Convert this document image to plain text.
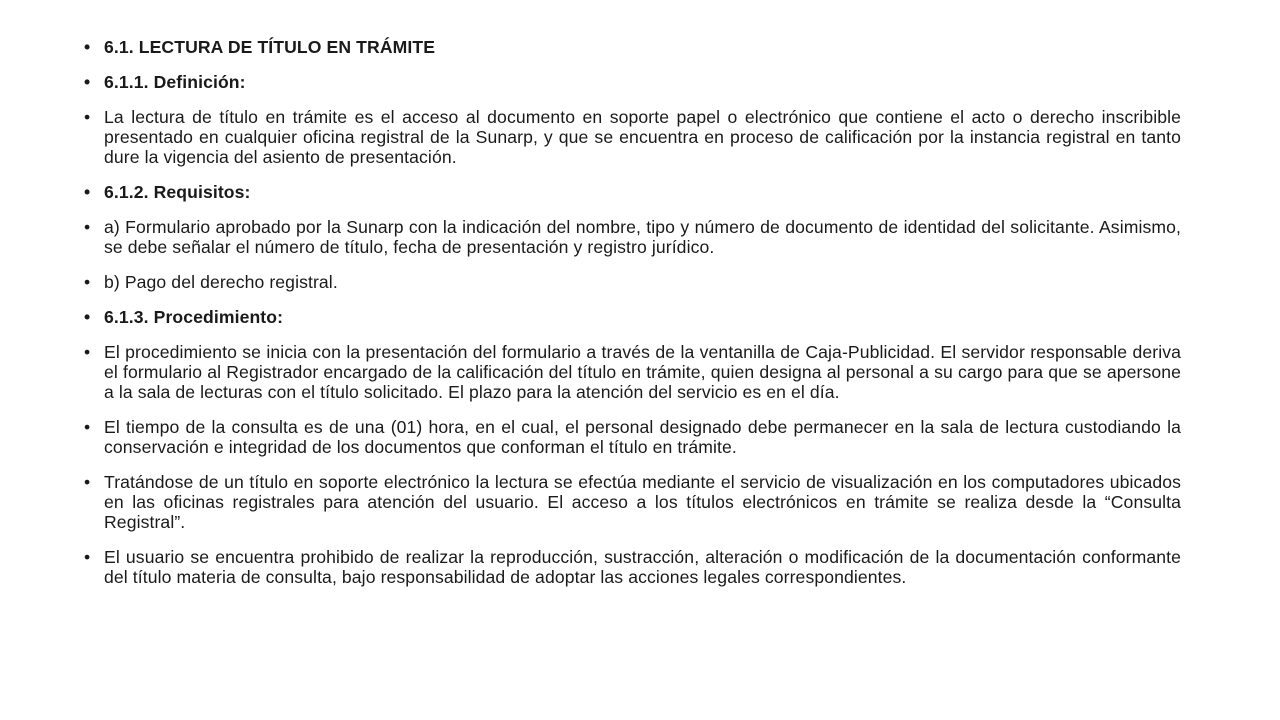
• 6.1. LECTURA DE TÍTULO EN TRÁMITE
• 6.1.1. Definición:
• La lectura de título en trámite es el acceso al documento en soporte papel o electrónico que contiene el acto o derecho inscribible presentado en cualquier oficina registral de la Sunarp, y que se encuentra en proceso de calificación por la instancia registral en tanto dure la vigencia del asiento de presentación.
• 6.1.2. Requisitos:
• a) Formulario aprobado por la Sunarp con la indicación del nombre, tipo y número de documento de identidad del solicitante. Asimismo, se debe señalar el número de título, fecha de presentación y registro jurídico.
• b) Pago del derecho registral.
• 6.1.3. Procedimiento:
• El procedimiento se inicia con la presentación del formulario a través de la ventanilla de Caja-Publicidad. El servidor responsable deriva el formulario al Registrador encargado de la calificación del título en trámite, quien designa al personal a su cargo para que se apersone a la sala de lecturas con el título solicitado. El plazo para la atención del servicio es en el día.
• El tiempo de la consulta es de una (01) hora, en el cual, el personal designado debe permanecer en la sala de lectura custodiando la conservación e integridad de los documentos que conforman el título en trámite.
• Tratándose de un título en soporte electrónico la lectura se efectúa mediante el servicio de visualización en los computadores ubicados en las oficinas registrales para atención del usuario. El acceso a los títulos electrónicos en trámite se realiza desde la “Consulta Registral”.
• El usuario se encuentra prohibido de realizar la reproducción, sustracción, alteración o modificación de la documentación conformante del título materia de consulta, bajo responsabilidad de adoptar las acciones legales correspondientes.
